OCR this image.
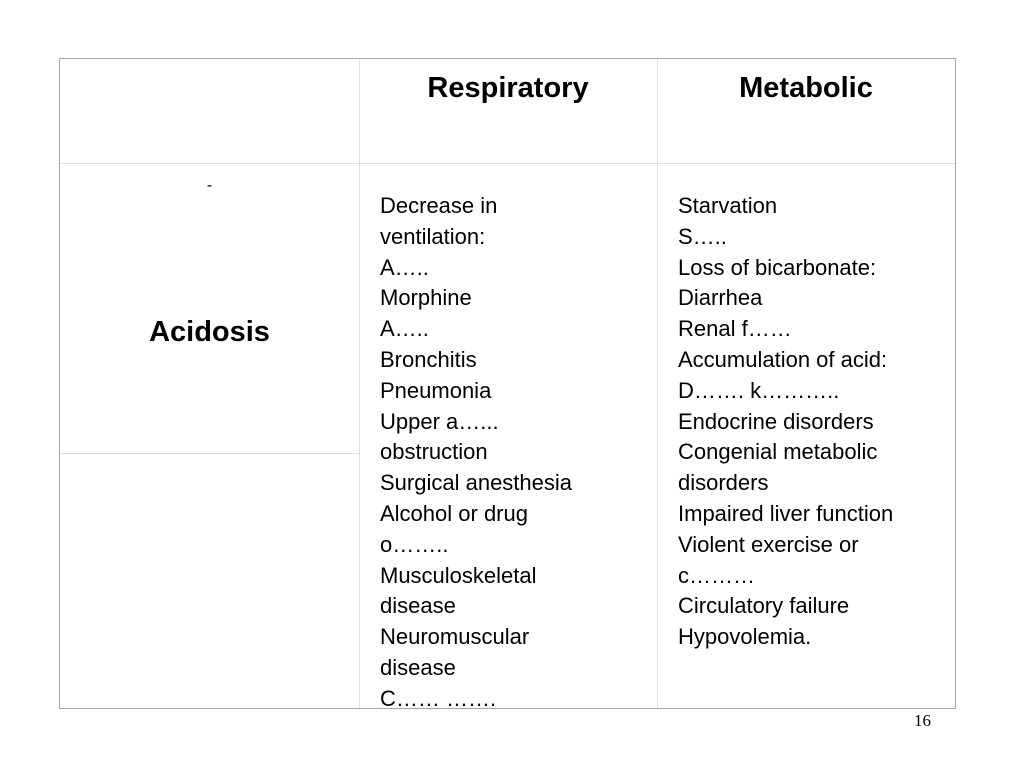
Respiratory	Metabolic
-
Acidosis
Decrease in
ventilation:
A…..
Morphine
A…..
Bronchitis
Pneumonia
Upper a…...
obstruction
Surgical anesthesia
Alcohol or drug
o……..
Musculoskeletal
disease
Neuromuscular
disease
C…… …….
Starvation
S…..
Loss of bicarbonate:
Diarrhea
Renal f……
Accumulation of acid:
D……. k………..
Endocrine disorders
Congenial metabolic
disorders
Impaired liver function
Violent exercise or
c………
Circulatory failure
Hypovolemia.
16
